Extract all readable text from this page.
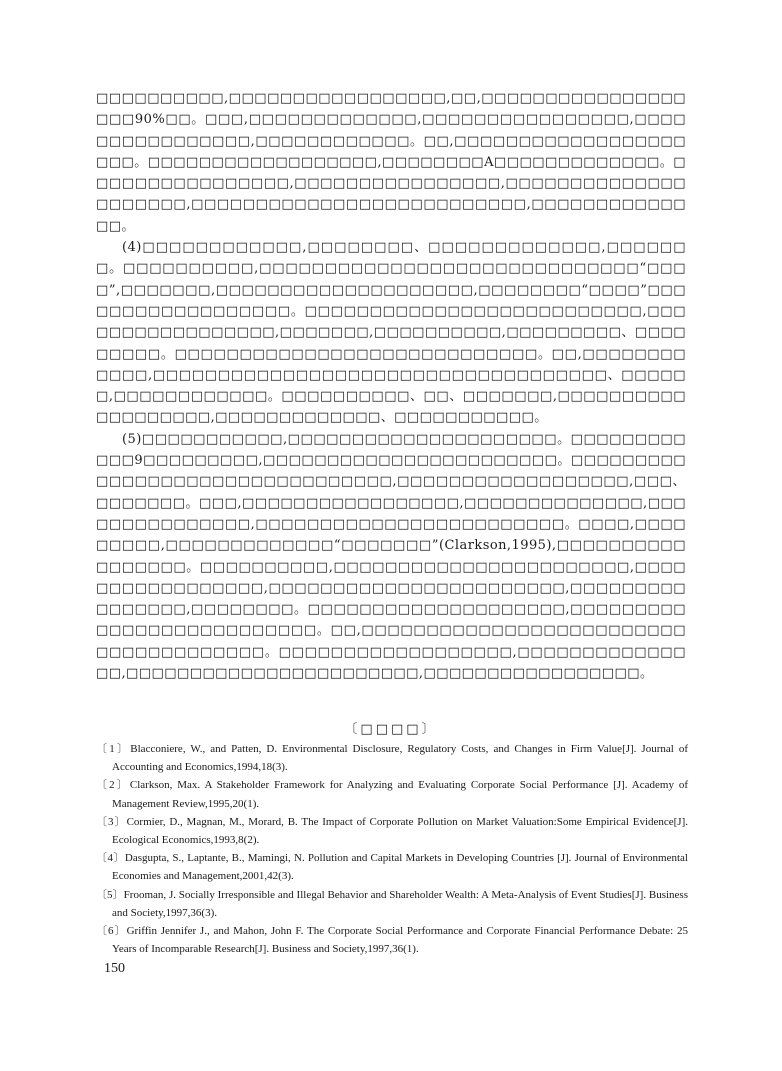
□□□□□□□□□□,□□□□□□□□□□□□□□□□□,□□,□□□□□□□□□□□□□□□□□□□90%□□。□□□,□□□□□□□□□□□□□,□□□□□□□□□□□□□□□□,□□□□□□□□□□□□□□□□,□□□□□□□□□□□□。□□,□□□□□□□□□□□□□□□□□□□□□。□□□□□□□□□□□□□□□□□□,□□□□□□□□A□□□□□□□□□□□□□。□□□□□□□□□□□□□□□□,□□□□□□□□□□□□□□□□,□□□□□□□□□□□□□□□□□□□□□,□□□□□□□□□□□□□□□□□□□□□□□□□□,□□□□□□□□□□□□□□。

(4)□□□□□□□□□□□□,□□□□□□□□、□□□□□□□□□□□□□,□□□□□□□。□□□□□□□□□□,□□□□□□□□□□□□□□□□□□□□□□□□□□□□□“□□□□”,□□□□□□□,□□□□□□□□□□□□□□□□□□□□,□□□□□□□□“□□□□”□□□□□□□□□□□□□□□□□□。□□□□□□□□□□□□□□□□□□□□□□□□□□,□□□□□□□□□□□□□□□□□,□□□□□□□,□□□□□□□□□□,□□□□□□□□□、□□□□□□□□□。□□□□□□□□□□□□□□□□□□□□□□□□□□□□。□□,□□□□□□□□□□□□,□□□□□□□□□□□□□□□□□□□□□□□□□□□□□□□□□□□、□□□□□□,□□□□□□□□□□□□。□□□□□□□□□□、□□、□□□□□□□,□□□□□□□□□□□□□□□□□□□,□□□□□□□□□□□□□、□□□□□□□□□□□。

(5)□□□□□□□□□□□,□□□□□□□□□□□□□□□□□□□□□。□□□□□□□□□□□□9□□□□□□□□□,□□□□□□□□□□□□□□□□□□□□□□□。□□□□□□□□□□□□□□□□□□□□□□□□□□□□□□□□,□□□□□□□□□□□□□□□□□□,□□□、□□□□□□□。□□□,□□□□□□□□□□□□□□□□□,□□□□□□□□□□□□□□,□□□□□□□□□□□□□□□,□□□□□□□□□□□□□□□□□□□□□□□□。□□□□,□□□□□□□□□,□□□□□□□□□□□□□“□□□□□□□”(Clarkson,1995),□□□□□□□□□□□□□□□□□。□□□□□□□□□□,□□□□□□□□□□□□□□□□□□□□□□□,□□□□□□□□□□□□□□□□□,□□□□□□□□□□□□□□□□□□□□□□□,□□□□□□□□□□□□□□□□,□□□□□□□□。□□□□□□□□□□□□□□□□□□□□,□□□□□□□□□□□□□□□□□□□□□□□□□□。□□,□□□□□□□□□□□□□□□□□□□□□□□□□□□□□□□□□□□□□□。□□□□□□□□□□□□□□□□□□,□□□□□□□□□□□□□□□,□□□□□□□□□□□□□□□□□□□□□□□,□□□□□□□□□□□□□□□□□。

〔□□□□〕
〔1〕Blacconiere, W., and Patten, D. Environmental Disclosure, Regulatory Costs, and Changes in Firm Value[J]. Journal of Accounting and Economics,1994,18(3).
〔2〕Clarkson, Max. A Stakeholder Framework for Analyzing and Evaluating Corporate Social Performance [J]. Academy of Management Review,1995,20(1).
〔3〕Cormier, D., Magnan, M., Morard, B. The Impact of Corporate Pollution on Market Valuation:Some Empirical Evidence[J]. Ecological Economics,1993,8(2).
〔4〕Dasgupta, S., Laptante, B., Mamingi, N. Pollution and Capital Markets in Developing Countries [J]. Journal of Environmental Economies and Management,2001,42(3).
〔5〕Frooman, J. Socially Irresponsible and Illegal Behavior and Shareholder Wealth: A Meta-Analysis of Event Studies[J]. Business and Society,1997,36(3).
〔6〕Griffin Jennifer J., and Mahon, John F. The Corporate Social Performance and Corporate Financial Performance Debate: 25 Years of Incomparable Research[J]. Business and Society,1997,36(1).
150
